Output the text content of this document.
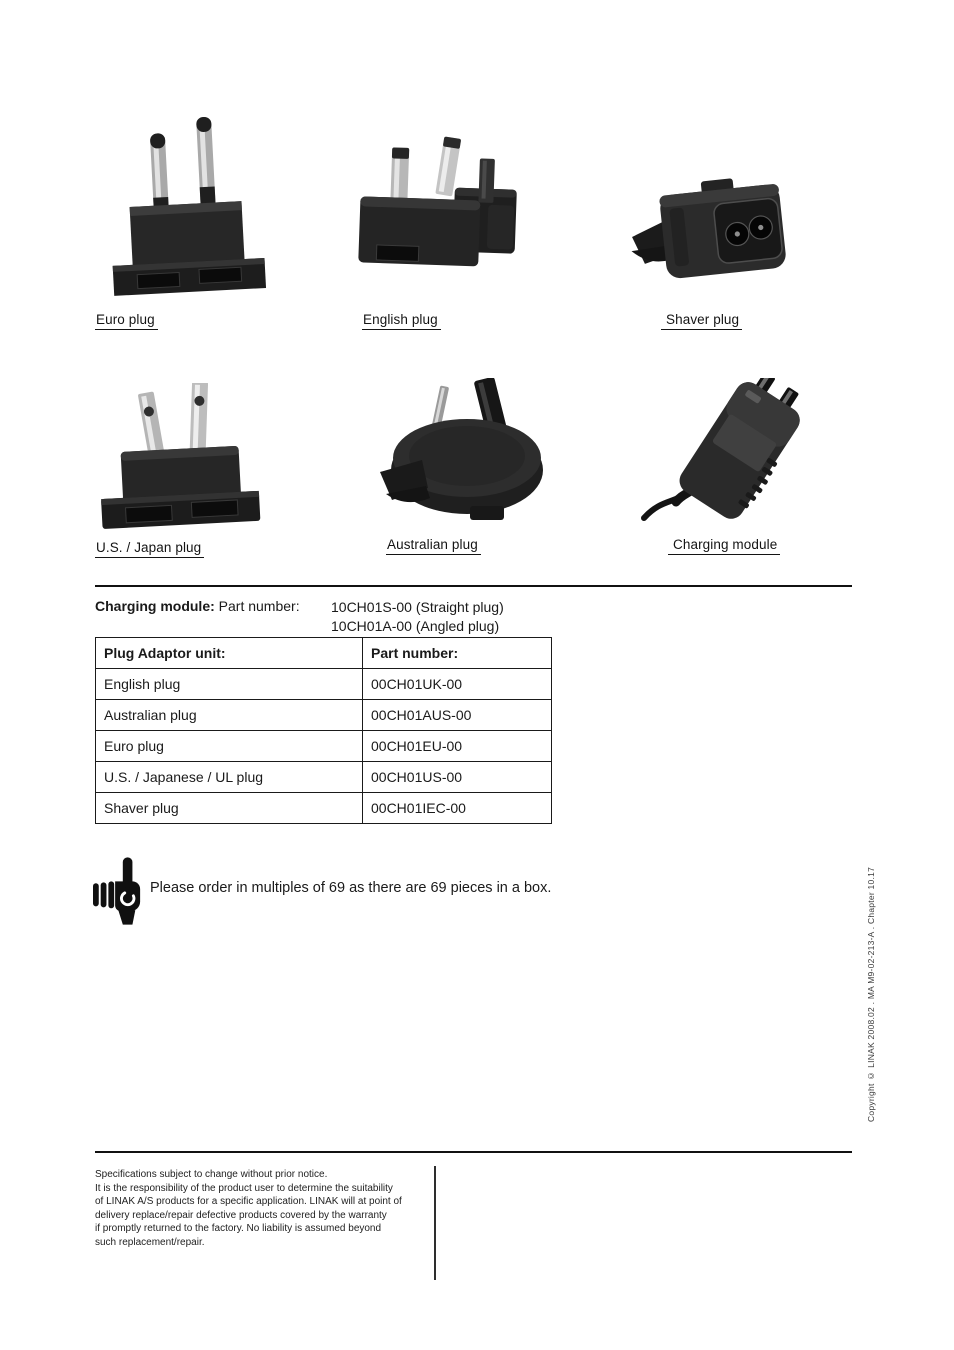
Euro plug	English plug	Shaver plug
U.S. / Japan plug	Australian plug	Charging module
Charging module: Part number: 10CH01S-00 (Straight plug)
10CH01A-00 (Angled plug)
Plug Adaptor unit:	Part number:
English plug	00CH01UK-00
Australian plug	00CH01AUS-00
Euro plug	00CH01EU-00
U.S. / Japanese / UL plug	00CH01US-00
Shaver plug	00CH01IEC-00
Please order in multiples of 69 as there are 69 pieces in a box.	Copyright © LINAK 2008.02 . MA M9-02-213-A . Chapter 10.17
Specifications subject to change without prior notice.
It is the responsibility of the product user to determine the suitability
of LINAK A/S products for a specific application. LINAK will at point of
delivery replace/repair defective products covered by the warranty
if promptly returned to the factory. No liability is assumed beyond
such replacement/repair.
